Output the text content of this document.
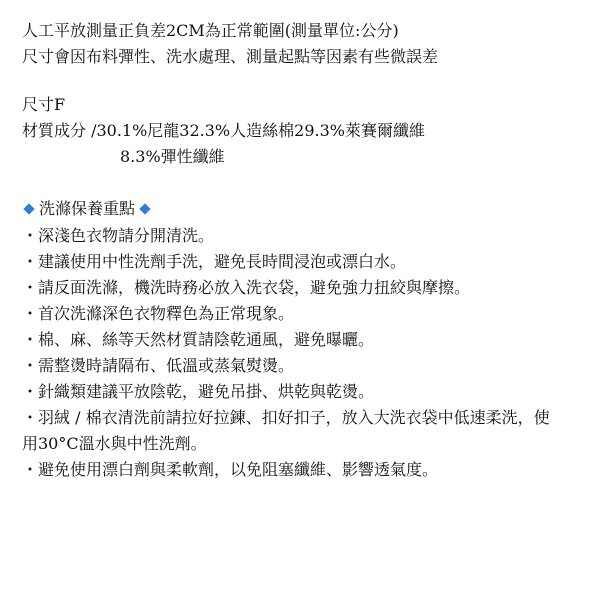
人工平放測量正負差2CM為正常範圍(測量單位:公分)
尺寸會因布料彈性、洗水處理、測量起點等因素有些微誤差
尺寸F
材質成分 /30.1%尼龍32.3%人造絲棉29.3%萊賽爾纖維
8.3%彈性纖維
洗滌保養重點
・深淺色衣物請分開清洗。
・建議使用中性洗劑手洗，避免長時間浸泡或漂白水。
・請反面洗滌，機洗時務必放入洗衣袋，避免強力扭絞與摩擦。
・首次洗滌深色衣物釋色為正常現象。
・棉、麻、絲等天然材質請陰乾通風，避免曝曬。
・需整燙時請隔布、低溫或蒸氣熨燙。
・針織類建議平放陰乾，避免吊掛、烘乾與乾燙。
・羽絨 / 棉衣清洗前請拉好拉鍊、扣好扣子，放入大洗衣袋中低速柔洗，使用30°C溫水與中性洗劑。
・避免使用漂白劑與柔軟劑，以免阻塞纖維、影響透氣度。
